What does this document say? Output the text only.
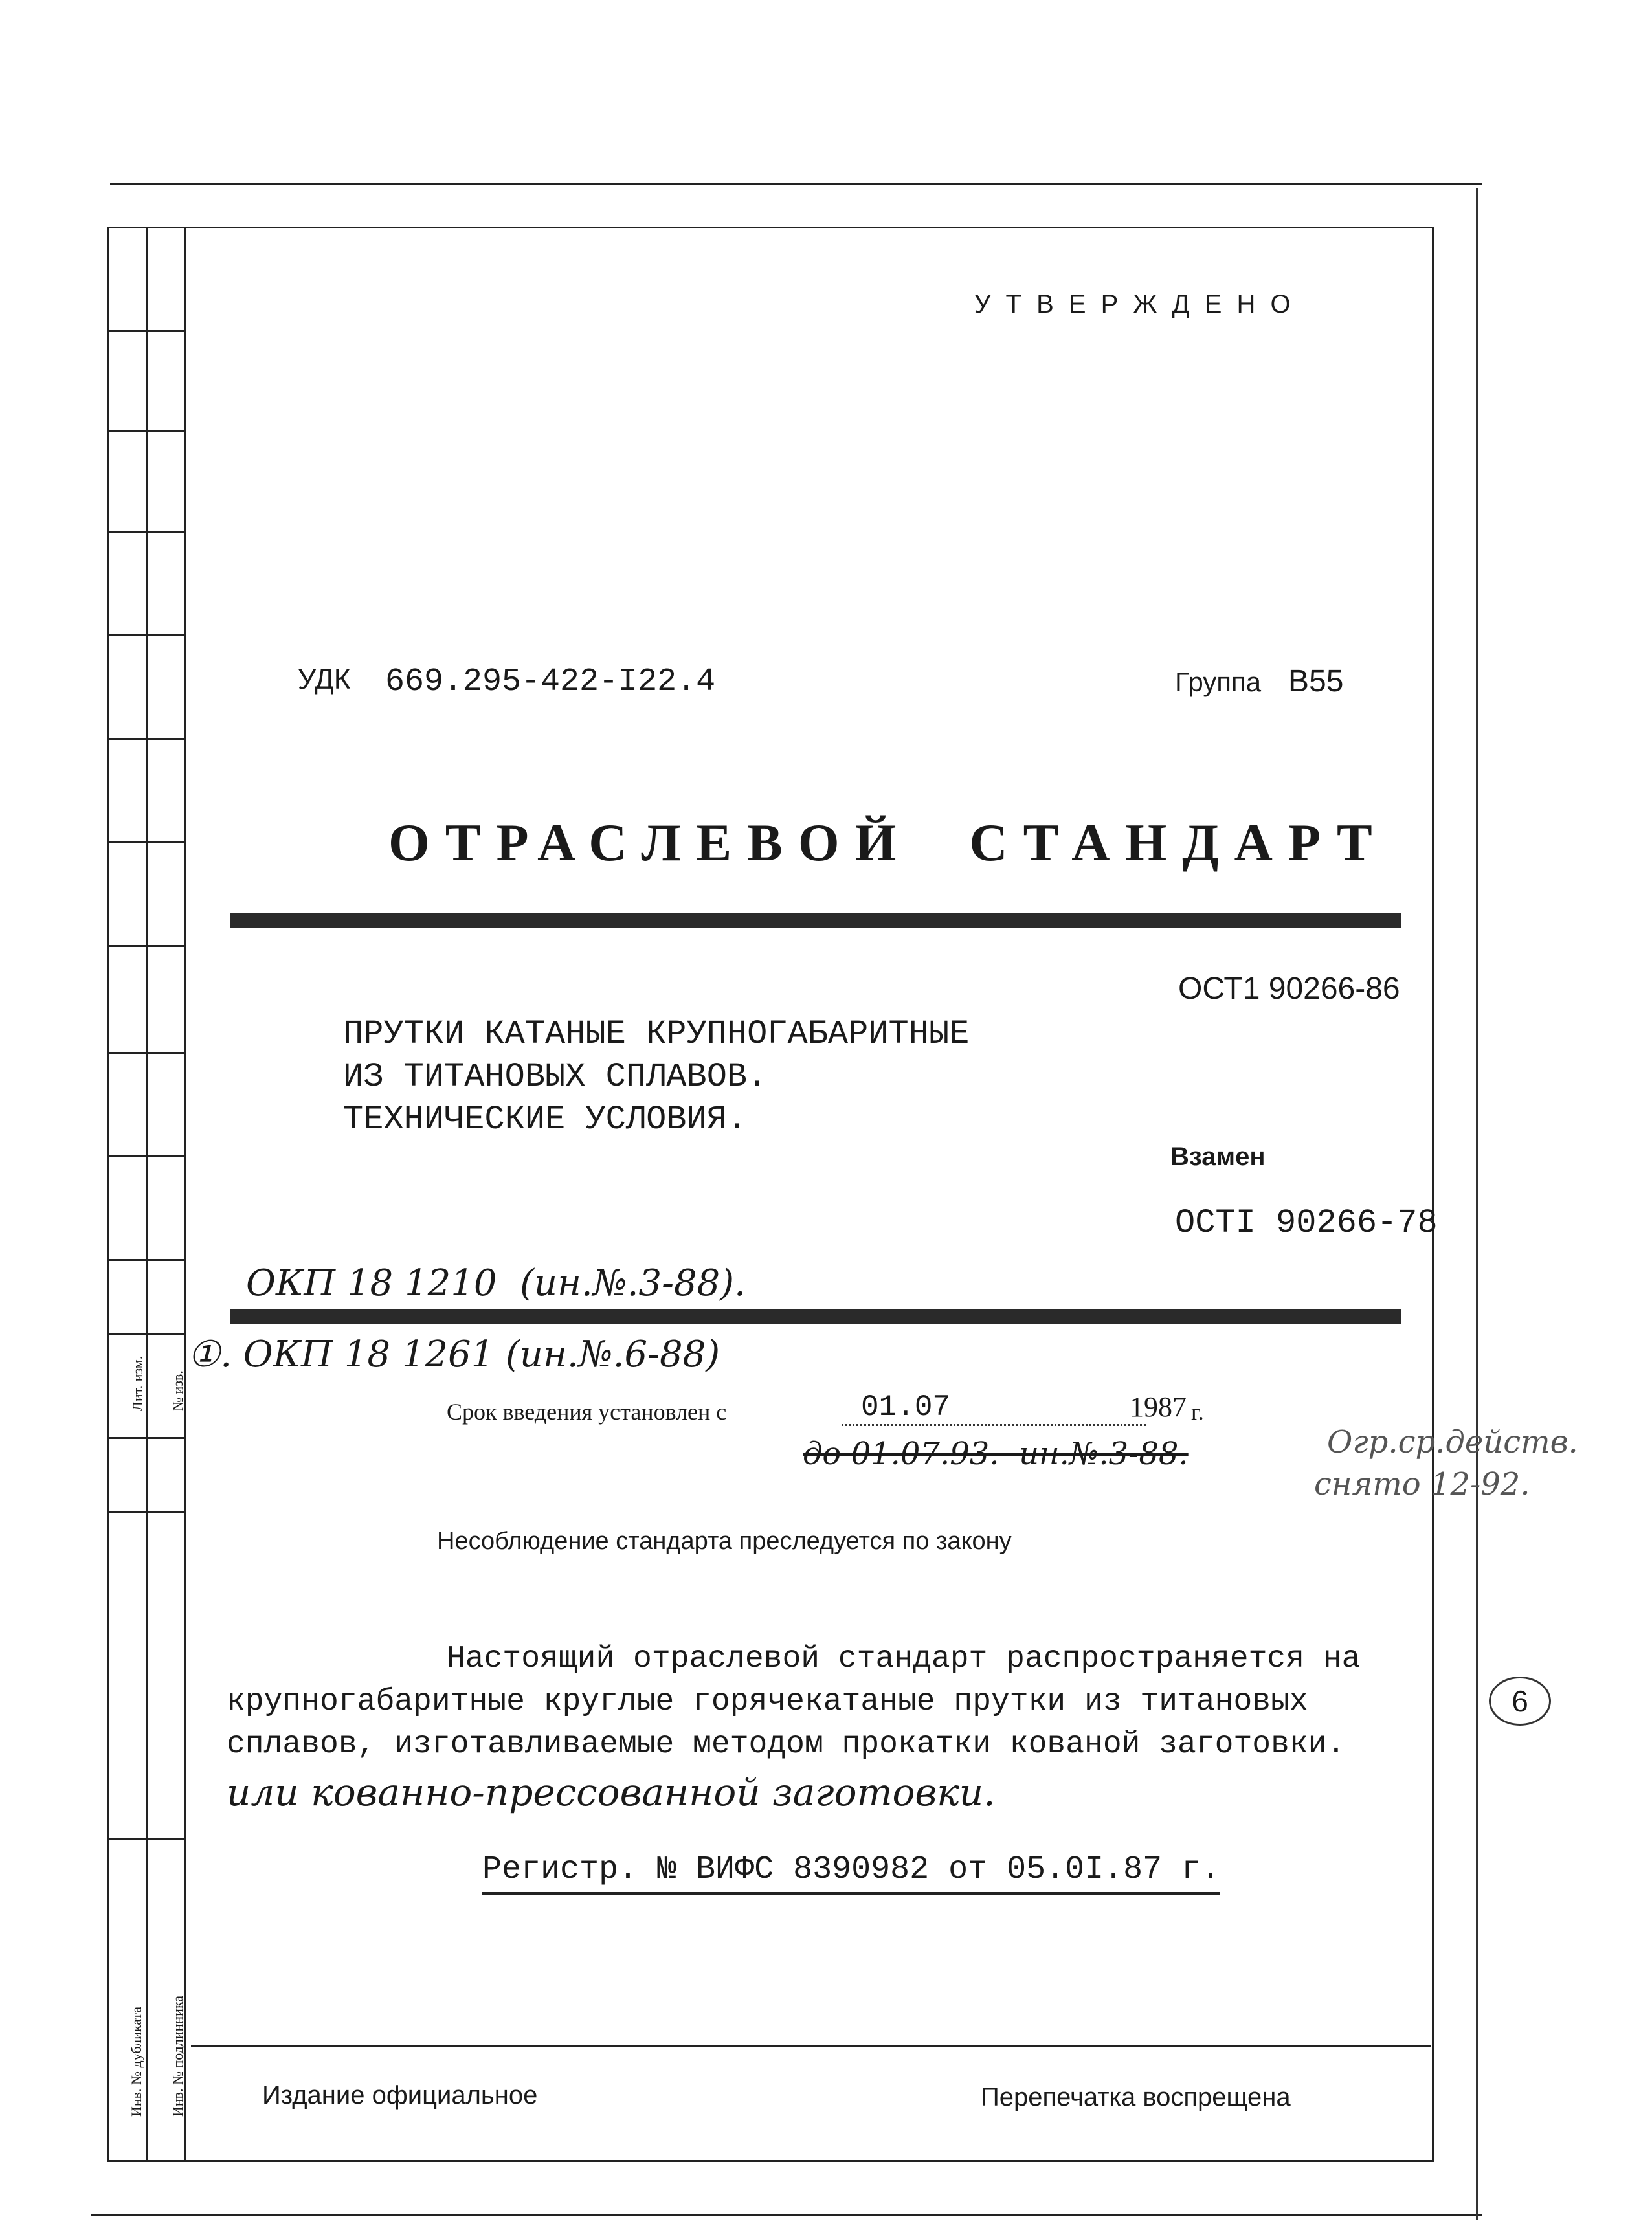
Лит. изм. № изв.
Инв. № дубликата Инв. № подлинника
У Т В Е Р Ж Д Е Н О
УДК 669.295-422-I22.4	Группа В55
ОТРАСЛЕВОЙ  СТАНДАРТ
ОСТ1 90266-86
ПРУТКИ КАТАНЫЕ КРУПНОГАБАРИТНЫЕ
ИЗ ТИТАНОВЫХ СПЛАВОВ.
ТЕХНИЧЕСКИЕ УСЛОВИЯ.
Взамен
ОСТI 90266-78
ОКП 18 1210  (ин.№.3-88).
①. ОКП 18 1261 (ин.№.6-88)
Срок введения установлен с	01.07	1987 г.
до 01.07.93.  ин.№.3-88.	Огр.ср.действ.
снято 12-92.
Несоблюдение стандарта преследуется по закону
Настоящий отраслевой стандарт распространяется на крупногабаритные круглые горячекатаные прутки из титановых сплавов, изготавливаемые методом прокатки кованой заготовки.
или кованно-прессованной заготовки.
6
Регистр. № ВИФС 8390982 от 05.0I.87 г.
Издание официальное	Перепечатка воспрещена
